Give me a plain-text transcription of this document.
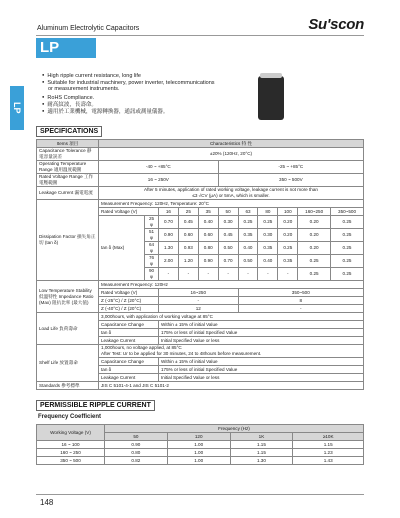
Aluminum Electrolytic Capacitors	Su'scon
LP series
LP
● High ripple current resistance, long life
● Suitable for industrial machinery, power inverter, telecommunications
or measurement instruments.
● RoHS Compliance.
● 耐高紋波，長壽命。
● 適用於工業機械，電源轉換器，通訊或測量儀器。
SPECIFICATIONS
Items 項目	Characteristics 特 性										
Capacitance Tolerance 靜電容量誤差	±20% (120Hz, 20°C)										
Operating Temperature Range 適用溫度範圍	-40 ~ +85°C					-25 ~ +85°C					
Rated Voltage Range 工作電壓範圍	16 ~ 250V					350 ~ 500V					
Leakage Current 漏電電流	After 5 minutes, application of rated working voltage, leakage current is not more than
≤3 √CV (μA) or 5mA, which is smaller.										
Dissipation Factor 損失角正切 (tan δ)	Measurement Frequency: 120Hz, Temperature: 20°C										
	Rated Voltage (V)		16	25	35	50	63	80	100	160~250	350~500
	tan δ (Max)	25 φ	0.70	0.45	0.40	0.30	0.25	0.25	0.20	0.20	0.25
		51 φ	0.90	0.60	0.60	0.45	0.35	0.30	0.20	0.20	0.25
		64 φ	1.30	0.93	0.80	0.50	0.40	0.35	0.25	0.20	0.25
		76 φ	2.00	1.20	0.90	0.70	0.50	0.40	0.35	0.25	0.25
		90 φ	-	-	-	-	-	-	-	0.25	0.25
Low Temperature Stability 低溫特性 Impedance Ratio (Max) 阻抗比率 (最大值)	Measurement Frequency: 120Hz										
	Rated Voltage (V)		16~250				350~500				
	Z (-25°C) / Z (20°C)		-				8				
	Z (-40°C) / Z (20°C)		12				-				
Load Life 負荷壽命	3,000hours, with application of working voltage at 85°C										
	Capacitance Change		Within ± 15% of initial Value								
	tan δ		175% or less of initial Specified Value								
	Leakage Current		Initial Specified Value or less								
Shelf Life 放置壽命	1,000hours, no voltage applied, at 85°C
After Test: Ur to be applied for 30 minutes, 24 to 48hours before measurement.										
	Capacitance Change		Within ± 15% of initial Value								
	tan δ		175% or less of initial Specified Value								
	Leakage Current		Initial Specified Value or less								
Standards 參考標準	JIS C 5101-4-1 and JIS C 5101-2										
PERMISSIBLE RIPPLE CURRENT
Frequency Coefficient
Working Voltage (V)	Frequency (Hz)			
	50	120	1K	≥10K
16 ~ 100	0.90	1.00	1.15	1.15
160 ~ 250	0.80	1.00	1.15	1.23
350 ~ 500	0.82	1.00	1.30	1.43
148
